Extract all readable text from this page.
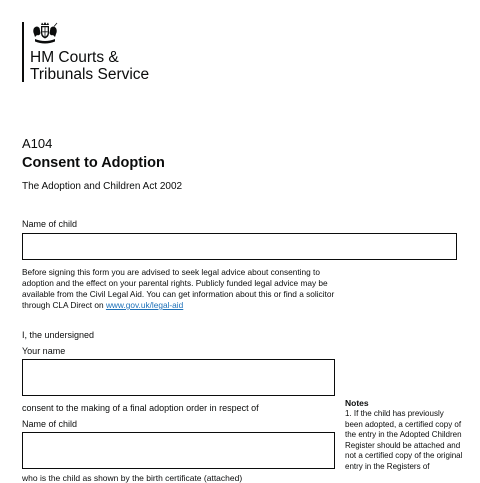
HM Courts &
Tribunals Service
A104
Consent to Adoption
The Adoption and Children Act 2002
Name of child
Before signing this form you are advised to seek legal advice about consenting to adoption and the effect on your parental rights. Publicly funded legal advice may be available from the Civil Legal Aid. You can get information about this or find a solicitor through CLA Direct on www.gov.uk/legal-aid
I, the undersigned
Your name
consent to the making of a final adoption order in respect of
Name of child
who is the child as shown by the birth certificate (attached)
Notes
1. If the child has previously been adopted, a certified copy of the entry in the Adopted Children Register should be attached and not a certified copy of the original entry in the Registers of
